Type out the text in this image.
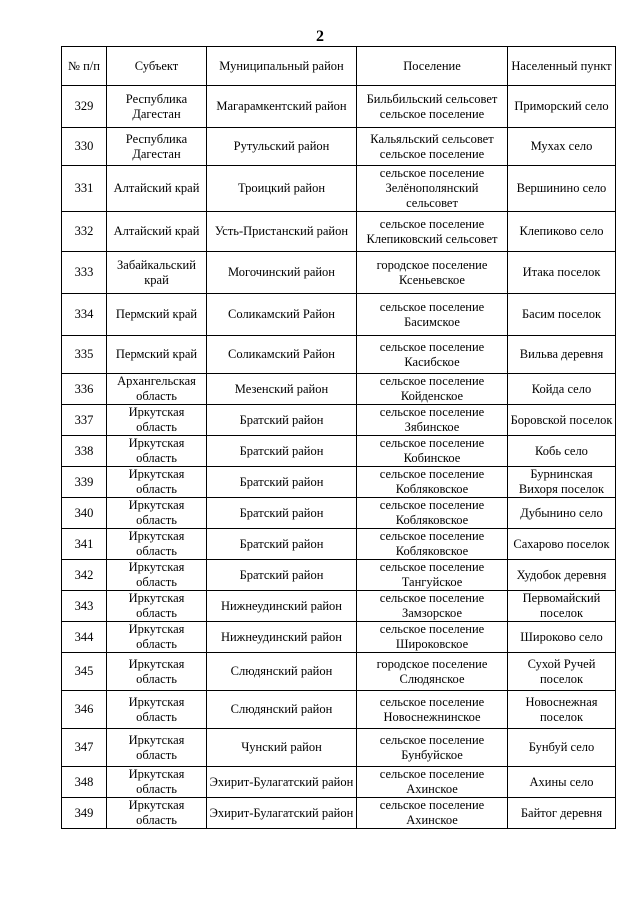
2
№ п/п	Субъект	Муниципальный район	Поселение	Населенный пункт
329	Республика Дагестан	Магарамкентский район	Бильбильский сельсовет сельское поселение	Приморский село
330	Республика Дагестан	Рутульский район	Кальяльский сельсовет сельское поселение	Мухах село
331	Алтайский край	Троицкий район	сельское поселение Зелёнополянский сельсовет	Вершинино село
332	Алтайский край	Усть-Пристанский район	сельское поселение Клепиковский сельсовет	Клепиково село
333	Забайкальский край	Могочинский район	городское поселение Ксеньевское	Итака поселок
334	Пермский край	Соликамский Район	сельское поселение Басимское	Басим поселок
335	Пермский край	Соликамский Район	сельское поселение Касибское	Вильва деревня
336	Архангельская область	Мезенский район	сельское поселение Койденское	Койда село
337	Иркутская область	Братский район	сельское поселение Зябинское	Боровской поселок
338	Иркутская область	Братский район	сельское поселение Кобинское	Кобь село
339	Иркутская область	Братский район	сельское поселение Кобляковское	Бурнинская Вихоря поселок
340	Иркутская область	Братский район	сельское поселение Кобляковское	Дубынино село
341	Иркутская область	Братский район	сельское поселение Кобляковское	Сахарово поселок
342	Иркутская область	Братский район	сельское поселение Тангуйское	Худобок деревня
343	Иркутская область	Нижнеудинский район	сельское поселение Замзорское	Первомайский поселок
344	Иркутская область	Нижнеудинский район	сельское поселение Широковское	Широково село
345	Иркутская область	Слюдянский район	городское поселение Слюдянское	Сухой Ручей поселок
346	Иркутская область	Слюдянский район	сельское поселение Новоснежнинское	Новоснежная поселок
347	Иркутская область	Чунский район	сельское поселение Бунбуйское	Бунбуй село
348	Иркутская область	Эхирит-Булагатский район	сельское поселение Ахинское	Ахины село
349	Иркутская область	Эхирит-Булагатский район	сельское поселение Ахинское	Байтог деревня
